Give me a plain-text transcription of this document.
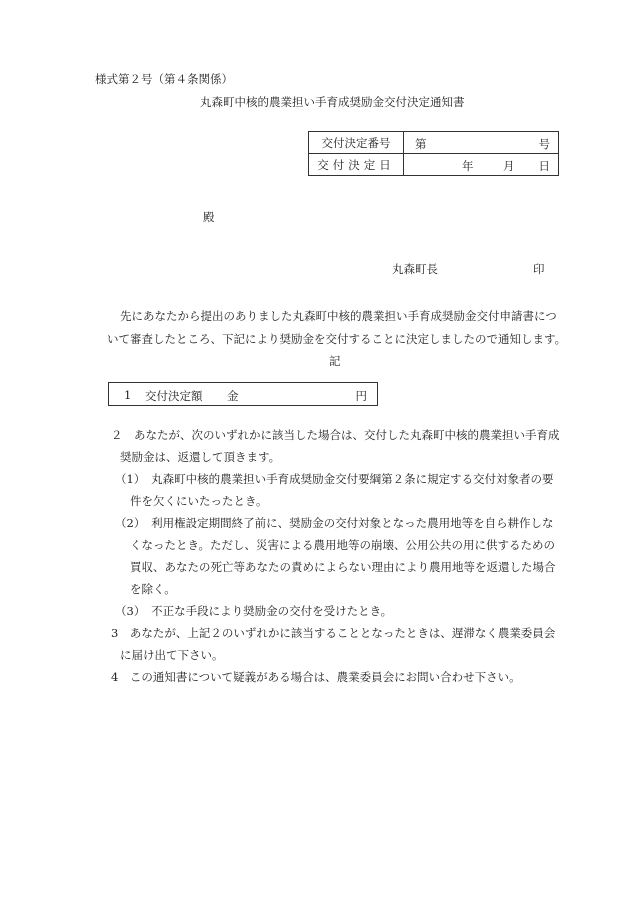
様式第２号（第４条関係）
丸森町中核的農業担い手育成奨励金交付決定通知書
交付決定番号	第 号

交付決定日	年 月 日
殿
丸森町長	印
先にあなたから提出のありました丸森町中核的農業担い手育成奨励金交付申請書につ
いて審査したところ、下記により奨励金を交付することに決定しましたので通知します。
記
1 交付決定額 金	円
２　あなたが、次のいずれかに該当した場合は、交付した丸森町中核的農業担い手育成
奨励金は、返還して頂きます。
（1）　丸森町中核的農業担い手育成奨励金交付要綱第２条に規定する交付対象者の要
件を欠くにいたったとき。
（2）　利用権設定期間終了前に、奨励金の交付対象となった農用地等を自ら耕作しな
くなったとき。ただし、災害による農用地等の崩壊、公用公共の用に供するための
買収、あなたの死亡等あなたの責めによらない理由により農用地等を返還した場合
を除く。
（3）　不正な手段により奨励金の交付を受けたとき。
3　あなたが、上記２のいずれかに該当することとなったときは、遅滞なく農業委員会
に届け出て下さい。
4　この通知書について疑義がある場合は、農業委員会にお問い合わせ下さい。
